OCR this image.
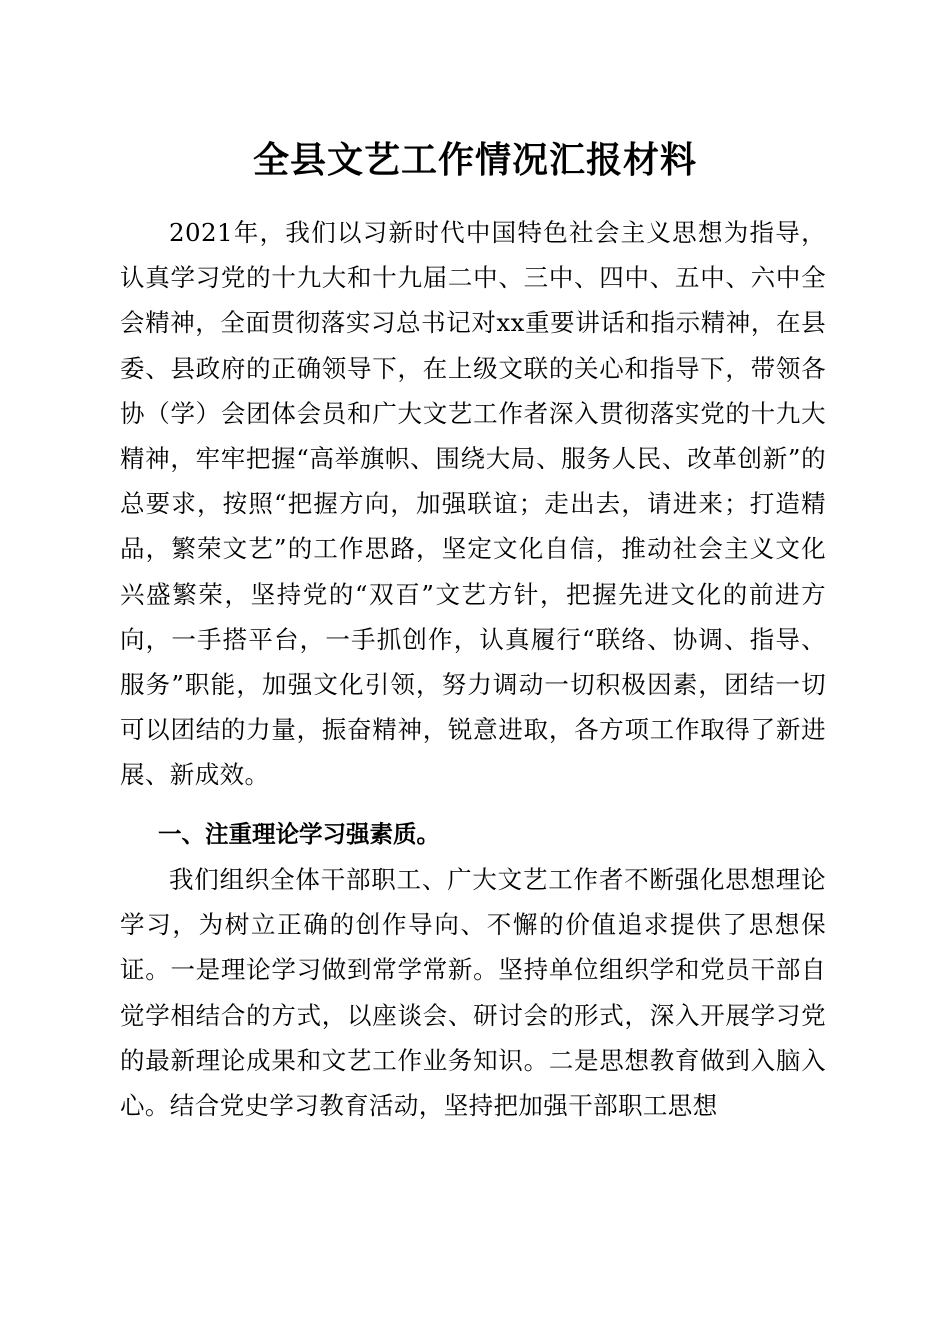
全县文艺工作情况汇报材料

2021年，我们以习新时代中国特色社会主义思想为指导，认真学习党的十九大和十九届二中、三中、四中、五中、六中全会精神，全面贯彻落实习总书记对xx重要讲话和指示精神，在县委、县政府的正确领导下，在上级文联的关心和指导下，带领各协（学）会团体会员和广大文艺工作者深入贯彻落实党的十九大精神，牢牢把握“高举旗帜、围绕大局、服务人民、改革创新”的总要求，按照“把握方向，加强联谊；走出去，请进来；打造精品，繁荣文艺”的工作思路，坚定文化自信，推动社会主义文化兴盛繁荣，坚持党的“双百”文艺方针，把握先进文化的前进方向，一手搭平台，一手抓创作，认真履行“联络、协调、指导、服务”职能，加强文化引领，努力调动一切积极因素，团结一切可以团结的力量，振奋精神，锐意进取，各方项工作取得了新进展、新成效。

一、注重理论学习强素质。

我们组织全体干部职工、广大文艺工作者不断强化思想理论学习，为树立正确的创作导向、不懈的价值追求提供了思想保证。一是理论学习做到常学常新。坚持单位组织学和党员干部自觉学相结合的方式，以座谈会、研讨会的形式，深入开展学习党的最新理论成果和文艺工作业务知识。二是思想教育做到入脑入心。结合党史学习教育活动，坚持把加强干部职工思想
